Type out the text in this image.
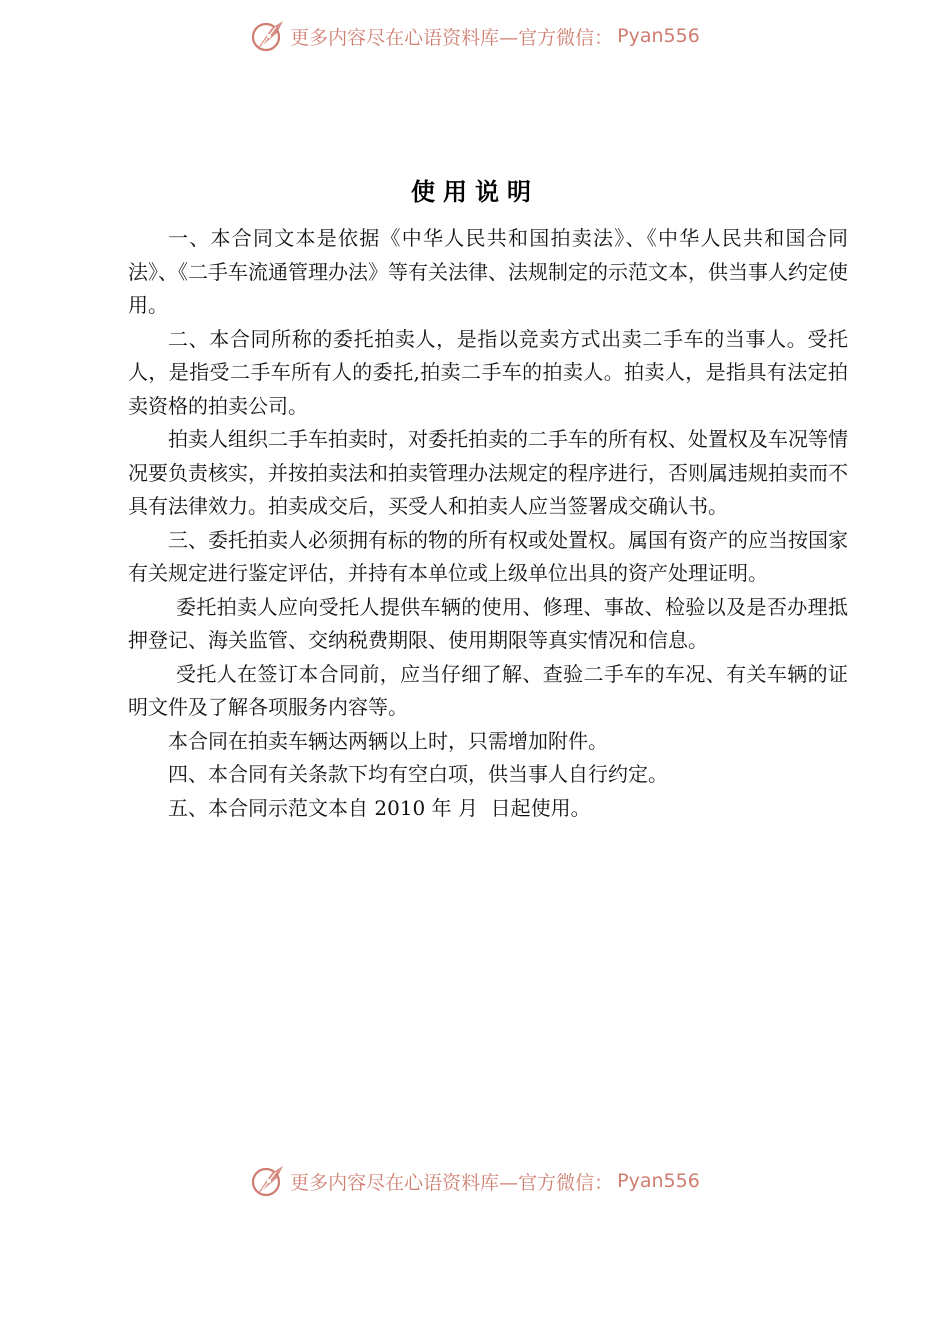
更多内容尽在心语资料库—官方微信： Pyan556
使用说明

一、本合同文本是依据《中华人民共和国拍卖法》、《中华人民共和国合同法》、《二手车流通管理办法》等有关法律、法规制定的示范文本，供当事人约定使用。

二、本合同所称的委托拍卖人，是指以竞卖方式出卖二手车的当事人。受托人，是指受二手车所有人的委托,拍卖二手车的拍卖人。拍卖人，是指具有法定拍卖资格的拍卖公司。

拍卖人组织二手车拍卖时，对委托拍卖的二手车的所有权、处置权及车况等情况要负责核实，并按拍卖法和拍卖管理办法规定的程序进行，否则属违规拍卖而不具有法律效力。拍卖成交后，买受人和拍卖人应当签署成交确认书。

三、委托拍卖人必须拥有标的物的所有权或处置权。属国有资产的应当按国家有关规定进行鉴定评估，并持有本单位或上级单位出具的资产处理证明。

委托拍卖人应向受托人提供车辆的使用、修理、事故、检验以及是否办理抵押登记、海关监管、交纳税费期限、使用期限等真实情况和信息。

受托人在签订本合同前，应当仔细了解、查验二手车的车况、有关车辆的证明文件及了解各项服务内容等。

本合同在拍卖车辆达两辆以上时，只需增加附件。

四、本合同有关条款下均有空白项，供当事人自行约定。

五、本合同示范文本自 2010 年 月  日起使用。

更多内容尽在心语资料库—官方微信： Pyan556
